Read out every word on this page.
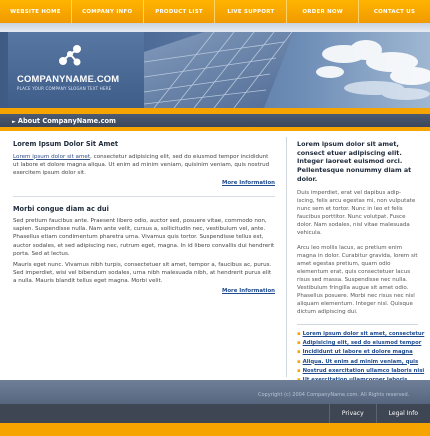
WEBSITE HOME	COMPANY INFO	PRODUCT LIST	LIVE SUPPORT	ORDER NOW	CONTACT US
COMPANYNAME.COM
PLACE YOUR COMPANY SLOGAN TEXT HERE
► About CompanyName.com
Lorem Ipsum Dolor Sit Amet

Lorem ipsum dolor sit amet, consectetur adipisicing elit, sed do eiusmod tempor incididunt ut labore et dolore magna aliqua. Ut enim ad minim veniam, quisinim veniam, quis nostrud exercitem ipsum dolor sit.

More Information
Morbi congue diam ac dui

Sed pretium faucibus ante. Praesent libero odio, auctor sed, posuere vitae, commodo non, sapien. Suspendisse nulla. Nam ante velit, cursus a, sollicitudin nec, vestibulum vel, ante. Phasellus etiam condimentum pharetra urna. Vivamus quis tortor. Suspendisse tellus est, auctor sodales, et sed adipiscing nec, rutrum eget, magna. In id libero convallis dui hendrerit porta. Sed at lectus.

Mauris eget nunc. Vivamus nibh turpis, consectetuer sit amet, tempor a, faucibus ac, purus. Sed imperdiet, wisi vel bibendum sodales, urna nibh malesuada nibh, at hendrerit purus elit a nulla. Mauris blandit tellus eget magna. Morbi velit.

More Information
Lorem ipsum dolor sit amet, consect etuer adipiscing elit. Integer laoreet euismod orci. Pellentesque nonummy diam at dolor.

Duis imperdiet, erat vel dapibus adip-iscing, felis arcu egestas mi, non vulputate nunc sem et tortor. Nunc in leo et felis faucibus porttitor. Nunc volutpat. Fusce dolor. Nam sodales, nisl vitae malesuada vehicula.

Arcu leo mollis lacus, ac pretium enim magna in dolor. Curabitur gravida, lorem sit amet egestas pretium, quam odio elementum erat, quis consectetuer lacus risus sed massa. Suspendisse nec nulla. Vestibulum fringilla augue sit amet odio. Phasellus posuere. Morbi nec risus nec nisl aliquam elementum. Integer nisl. Quisque dictum adipiscing dui.

▪ Lorem ipsum dolor sit amet, consectetur
▪ Adipisicing elit, sed do eiusmod tempor
▪ Incididunt ut labore et dolore magna
▪ Aliqua. Ut enim ad minim veniam, quis
▪ Nostrud exercitation ullamco laboris nisi
Copyright (c) 2004 CompanyName.com. All Rights reserved.
Privacy	Legal Info
